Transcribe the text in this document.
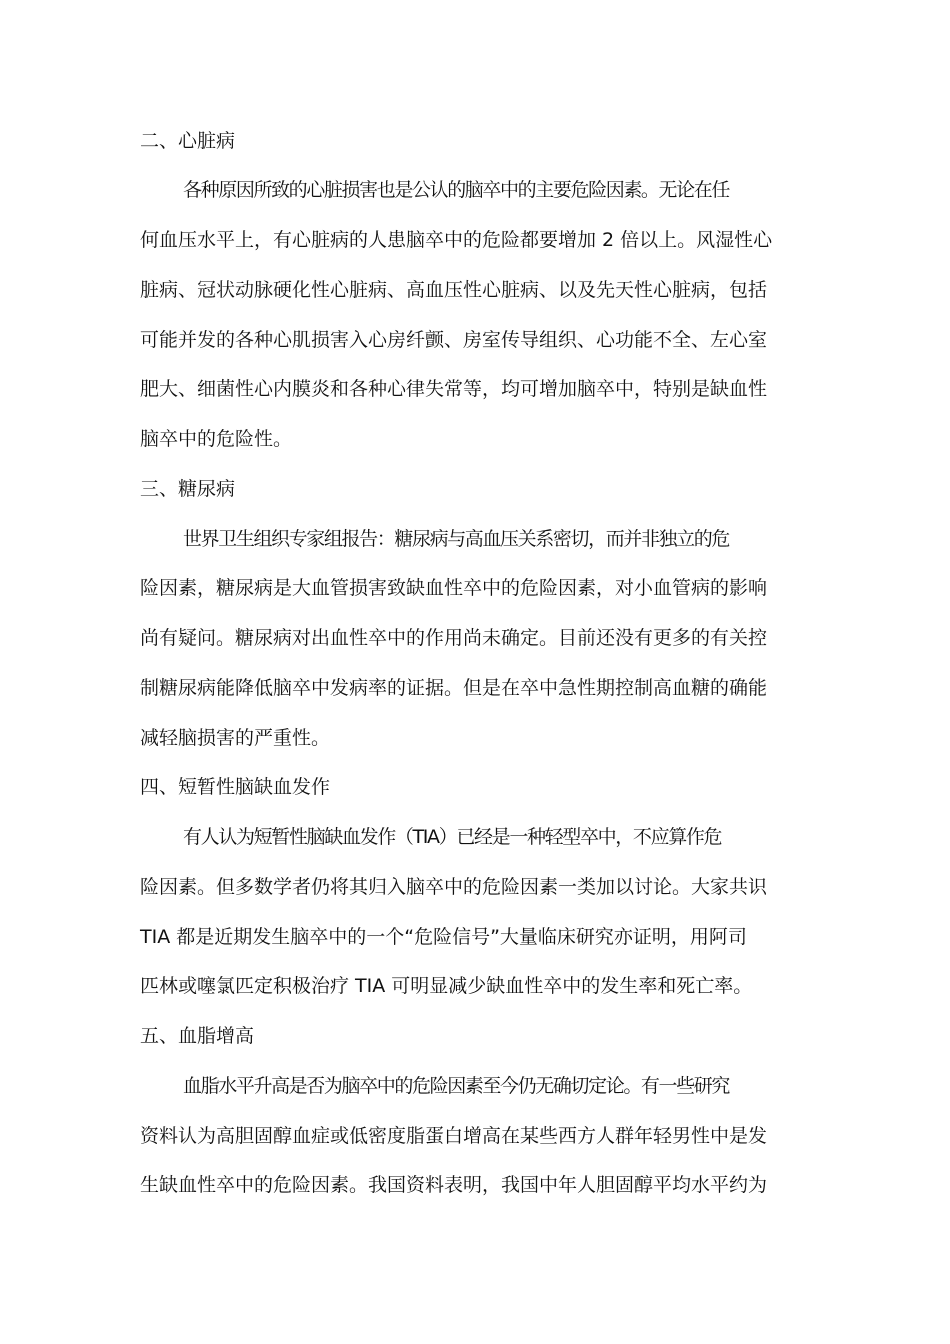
二、心脏病
各种原因所致的心脏损害也是公认的脑卒中的主要危险因素。无论在任
何血压水平上，有心脏病的人患脑卒中的危险都要增加 2 倍以上。风湿性心
脏病、冠状动脉硬化性心脏病、高血压性心脏病、以及先天性心脏病，包括
可能并发的各种心肌损害入心房纤颤、房室传导组织、心功能不全、左心室
肥大、细菌性心内膜炎和各种心律失常等，均可增加脑卒中，特别是缺血性
脑卒中的危险性。
三、糖尿病
世界卫生组织专家组报告：糖尿病与高血压关系密切，而并非独立的危
险因素，糖尿病是大血管损害致缺血性卒中的危险因素，对小血管病的影响
尚有疑问。糖尿病对出血性卒中的作用尚未确定。目前还没有更多的有关控
制糖尿病能降低脑卒中发病率的证据。但是在卒中急性期控制高血糖的确能
减轻脑损害的严重性。
四、短暂性脑缺血发作
有人认为短暂性脑缺血发作（TIA）已经是一种轻型卒中，不应算作危
险因素。但多数学者仍将其归入脑卒中的危险因素一类加以讨论。大家共识
TIA 都是近期发生脑卒中的一个“危险信号”大量临床研究亦证明，用阿司
匹林或噻氯匹定积极治疗 TIA 可明显减少缺血性卒中的发生率和死亡率。
五、血脂增高
血脂水平升高是否为脑卒中的危险因素至今仍无确切定论。有一些研究
资料认为高胆固醇血症或低密度脂蛋白增高在某些西方人群年轻男性中是发
生缺血性卒中的危险因素。我国资料表明，我国中年人胆固醇平均水平约为
